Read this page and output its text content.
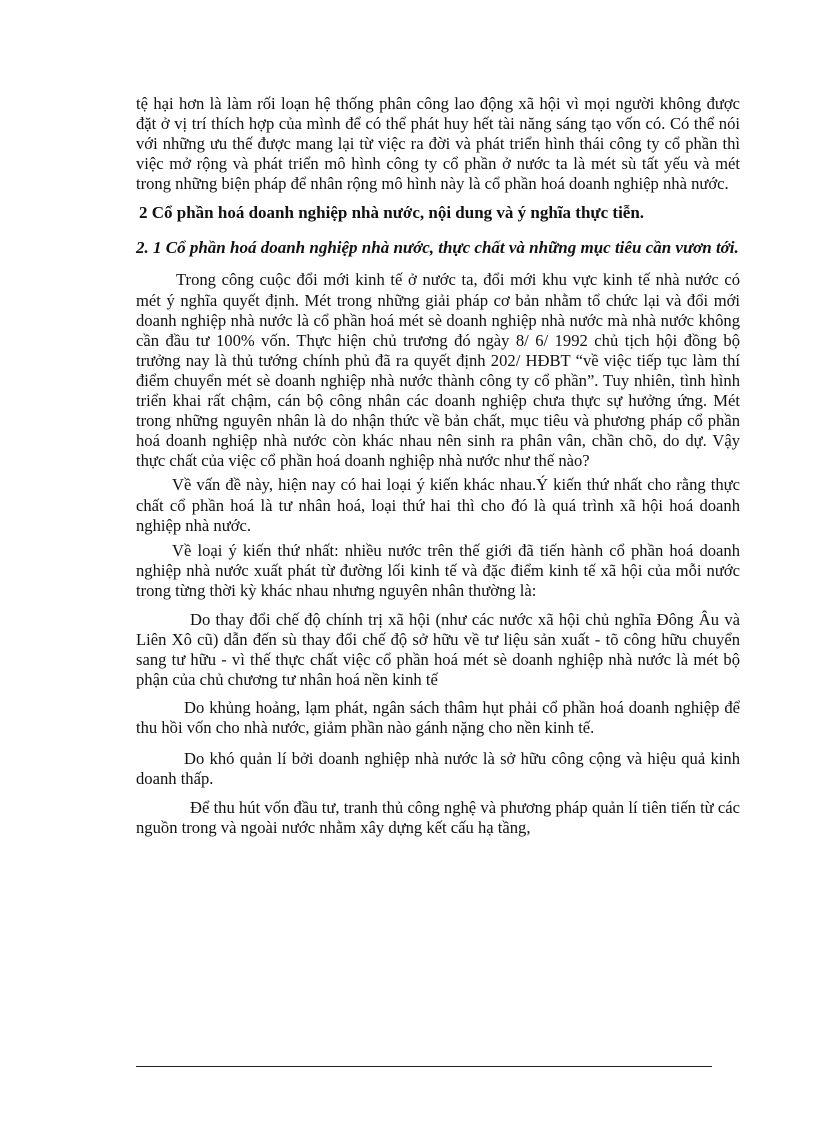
tệ hại hơn là làm rối loạn hệ thống phân công lao động xã hội vì mọi người không được đặt ở vị trí thích hợp của mình để có thể phát huy hết tài năng sáng tạo vốn có. Có thể nói với những ưu thế được mang lại từ việc ra đời và phát triển hình thái công ty cổ phần thì việc mở rộng và phát triển mô hình công ty cổ phần ở nước ta là mét sù tất yếu và mét trong những biện pháp để nhân rộng mô hình này là cổ phần hoá doanh nghiệp nhà nước.

2 Cổ phần hoá doanh nghiệp nhà nước, nội dung và ý nghĩa thực tiễn.

2. 1 Cổ phần hoá doanh nghiệp nhà nước, thực chất và những mục tiêu cần vươn tới.

Trong công cuộc đổi mới kinh tế ở nước ta, đổi mới khu vực kinh tế nhà nước có mét ý nghĩa quyết định. Mét trong những giải pháp cơ bản nhằm tổ chức lại và đổi mới doanh nghiệp nhà nước là cổ phần hoá mét sè doanh nghiệp nhà nước mà nhà nước không cần đầu tư 100% vốn. Thực hiện chủ trương đó ngày 8/ 6/ 1992 chủ tịch hội đồng bộ trưởng nay là thủ tướng chính phủ đã ra quyết định 202/ HĐBT “về việc tiếp tục làm thí điểm chuyển mét sè doanh nghiệp nhà nước thành công ty cổ phần”. Tuy nhiên, tình hình triển khai rất chậm, cán bộ công nhân các doanh nghiệp chưa thực sự hưởng ứng. Mét trong những nguyên nhân là do nhận thức về bản chất, mục tiêu và phương pháp cổ phần hoá doanh nghiệp nhà nước còn khác nhau nên sinh ra phân vân, chần chõ, do dự. Vậy thực chất của việc cổ phần hoá doanh nghiệp nhà nước như thế nào?

Về vấn đề này, hiện nay có hai loại ý kiến khác nhau.Ý kiến thứ nhất cho rằng thực chất cổ phần hoá là tư nhân hoá, loại thứ hai thì cho đó là quá trình xã hội hoá doanh nghiệp nhà nước.

Về loại ý kiến thứ nhất: nhiều nước trên thế giới đã tiến hành cổ phần hoá doanh nghiệp nhà nước xuất phát từ đường lối kinh tế và đặc điểm kinh tế xã hội của mỗi nước trong từng thời kỳ khác nhau nhưng nguyên nhân thường là:

Do thay đổi chế độ chính trị xã hội (như các nước xã hội chủ nghĩa Đông Âu và Liên Xô cũ) dẫn đến sù thay đổi chế độ sở hữu về tư liệu sản xuất - tõ công hữu chuyển sang tư hữu - vì thế thực chất việc cổ phần hoá mét sè doanh nghiệp nhà nước là mét bộ phận của chủ chương tư nhân hoá nền kinh tế

Do khủng hoảng, lạm phát, ngân sách thâm hụt phải cổ phần hoá doanh nghiệp để thu hồi vốn cho nhà nước, giảm phần nào gánh nặng cho nền kinh tế.

Do khó quản lí bởi doanh nghiệp nhà nước là sở hữu công cộng và hiệu quả kinh doanh thấp.

Để thu hút vốn đầu tư, tranh thủ công nghệ và phương pháp quản lí tiên tiến từ các nguồn trong và ngoài nước nhằm xây dựng kết cấu hạ tầng,
